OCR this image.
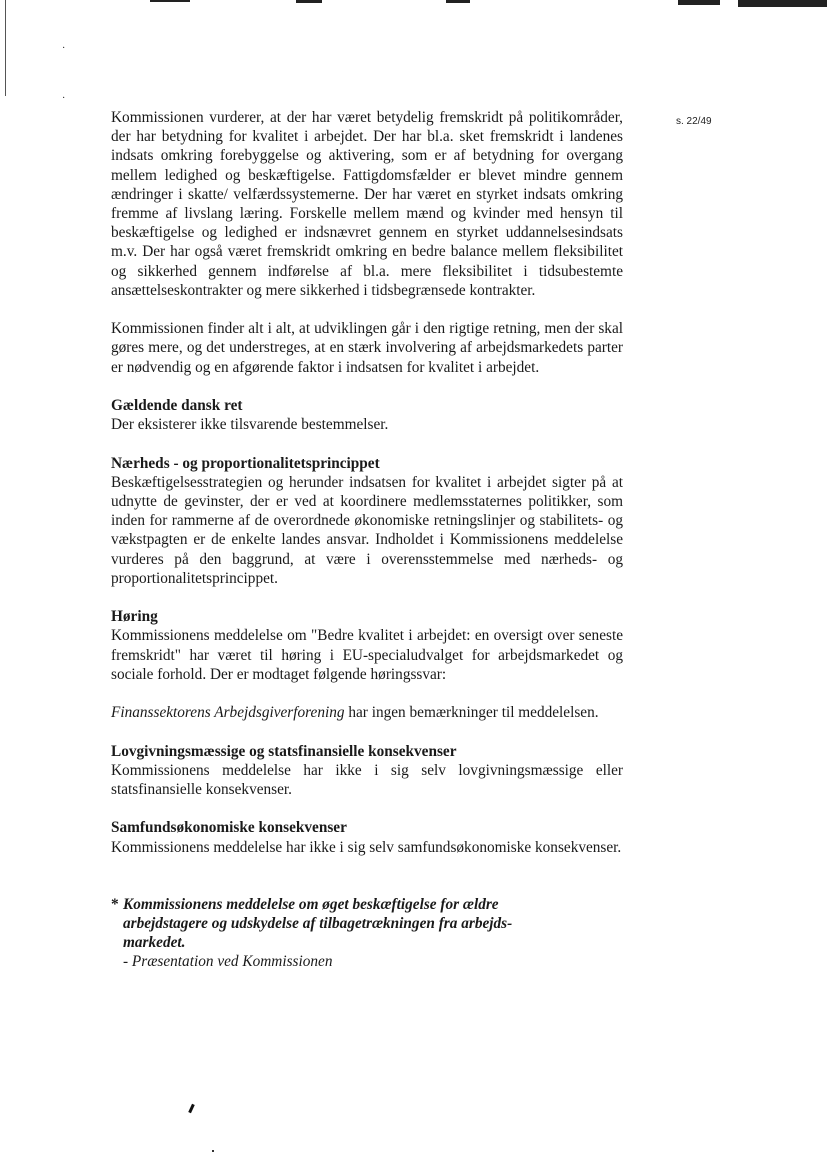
·
·
s. 22/49

Kommissionen vurderer, at der har været betydelig fremskridt på politikområder, der har betydning for kvalitet i arbejdet. Der har bl.a. sket fremskridt i landenes indsats omkring forebyggelse og aktivering, som er af betydning for overgang mellem ledighed og beskæftigelse. Fattigdomsfælder er blevet mindre gennem ændringer i skatte/ velfærdssystemerne. Der har været en styrket indsats omkring fremme af livslang læring. Forskelle mellem mænd og kvinder med hensyn til beskæftigelse og ledighed er indsnævret gennem en styrket uddannelsesindsats m.v. Der har også været fremskridt omkring en bedre balance mellem fleksibilitet og sikkerhed gennem indførelse af bl.a. mere fleksibilitet i tidsubestemte ansættelseskontrakter og mere sikkerhed i tidsbegrænsede kontrakter.

Kommissionen finder alt i alt, at udviklingen går i den rigtige retning, men der skal gøres mere, og det understreges, at en stærk involvering af arbejdsmarkedets parter er nødvendig og en afgørende faktor i indsatsen for kvalitet i arbejdet.

Gældende dansk ret

Der eksisterer ikke tilsvarende bestemmelser.

Nærheds - og proportionalitetsprincippet

Beskæftigelsesstrategien og herunder indsatsen for kvalitet i arbejdet sigter på at udnytte de gevinster, der er ved at koordinere medlemsstaternes politikker, som inden for rammerne af de overordnede økonomiske retningslinjer og stabilitets- og vækstpagten er de enkelte landes ansvar. Indholdet i Kommissionens meddelelse vurderes på den baggrund, at være i overensstemmelse med nærheds- og proportionalitetsprincippet.

Høring

Kommissionens meddelelse om "Bedre kvalitet i arbejdet: en oversigt over seneste fremskridt" har været til høring i EU-specialudvalget for arbejdsmarkedet og sociale forhold. Der er modtaget følgende høringssvar:

Finanssektorens Arbejdsgiverforening har ingen bemærkninger til meddelelsen.

Lovgivningsmæssige og statsfinansielle konsekvenser

Kommissionens meddelelse har ikke i sig selv lovgivningsmæssige eller statsfinansielle konsekvenser.

Samfundsøkonomiske konsekvenser

Kommissionens meddelelse har ikke i sig selv samfundsøkonomiske konsekvenser.

* Kommissionens meddelelse om øget beskæftigelse for ældre
arbejdstagere og udskydelse af tilbagetrækningen fra arbejds-
markedet.
- Præsentation ved Kommissionen
